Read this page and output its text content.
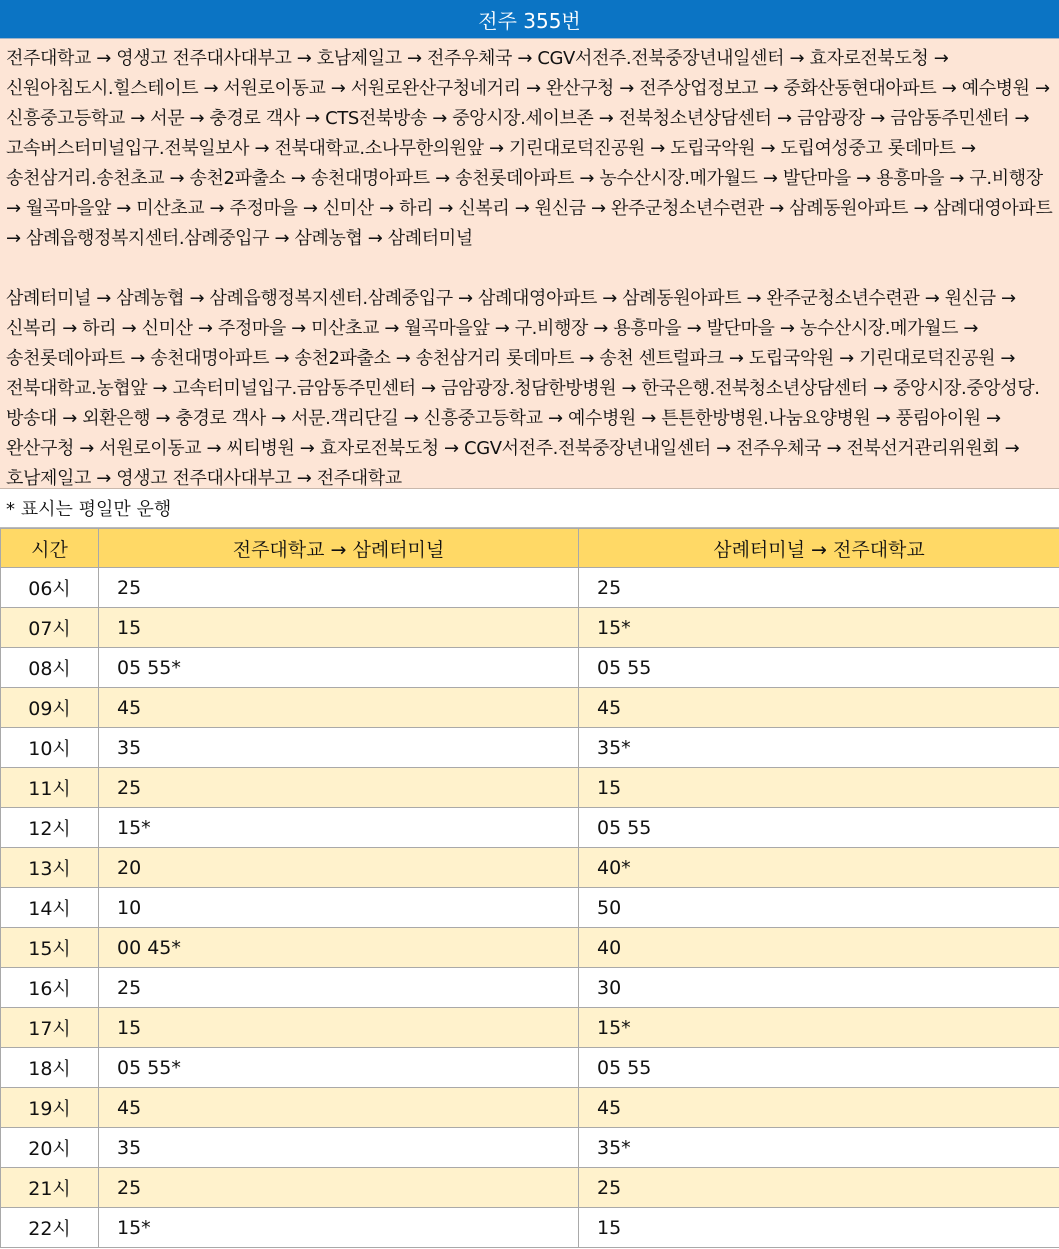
전주 355번

전주대학교 → 영생고 전주대사대부고 → 호남제일고 → 전주우체국 → CGV서전주.전북중장년내일센터 → 효자로전북도청 → 신원아침도시.힐스테이트 → 서원로이동교 → 서원로완산구청네거리 → 완산구청 → 전주상업정보고 → 중화산동현대아파트 → 예수병원 → 신흥중고등학교 → 서문 → 충경로 객사 → CTS전북방송 → 중앙시장.세이브존 → 전북청소년상담센터 → 금암광장 → 금암동주민센터 → 고속버스터미널입구.전북일보사 → 전북대학교.소나무한의원앞 → 기린대로덕진공원 → 도립국악원 → 도립여성중고 롯데마트 → 송천삼거리.송천초교 → 송천2파출소 → 송천대명아파트 → 송천롯데아파트 → 농수산시장.메가월드 → 발단마을 → 용흥마을 → 구.비행장 → 월곡마을앞 → 미산초교 → 주정마을 → 신미산 → 하리 → 신복리 → 원신금 → 완주군청소년수련관 → 삼례동원아파트 → 삼례대영아파트 → 삼례읍행정복지센터.삼례중입구 → 삼례농협 → 삼례터미널

삼례터미널 → 삼례농협 → 삼례읍행정복지센터.삼례중입구 → 삼례대영아파트 → 삼례동원아파트 → 완주군청소년수련관 → 원신금 → 신복리 → 하리 → 신미산 → 주정마을 → 미산초교 → 월곡마을앞 → 구.비행장 → 용흥마을 → 발단마을 → 농수산시장.메가월드 → 송천롯데아파트 → 송천대명아파트 → 송천2파출소 → 송천삼거리 롯데마트 → 송천 센트럴파크 → 도립국악원 → 기린대로덕진공원 → 전북대학교.농협앞 → 고속터미널입구.금암동주민센터 → 금암광장.청담한방병원 → 한국은행.전북청소년상담센터 → 중앙시장.중앙성당.방송대 → 외환은행 → 충경로 객사 → 서문.객리단길 → 신흥중고등학교 → 예수병원 → 튼튼한방병원.나눔요양병원 → 풍림아이원 → 완산구청 → 서원로이동교 → 씨티병원 → 효자로전북도청 → CGV서전주.전북중장년내일센터 → 전주우체국 → 전북선거관리위원회 → 호남제일고 → 영생고 전주대사대부고 → 전주대학교

* 표시는 평일만 운행
시간	전주대학교 → 삼례터미널	삼례터미널 → 전주대학교
06시	25	25
07시	15	15*
08시	05 55*	05 55
09시	45	45
10시	35	35*
11시	25	15
12시	15*	05 55
13시	20	40*
14시	10	50
15시	00 45*	40
16시	25	30
17시	15	15*
18시	05 55*	05 55
19시	45	45
20시	35	35*
21시	25	25
22시	15*	15
